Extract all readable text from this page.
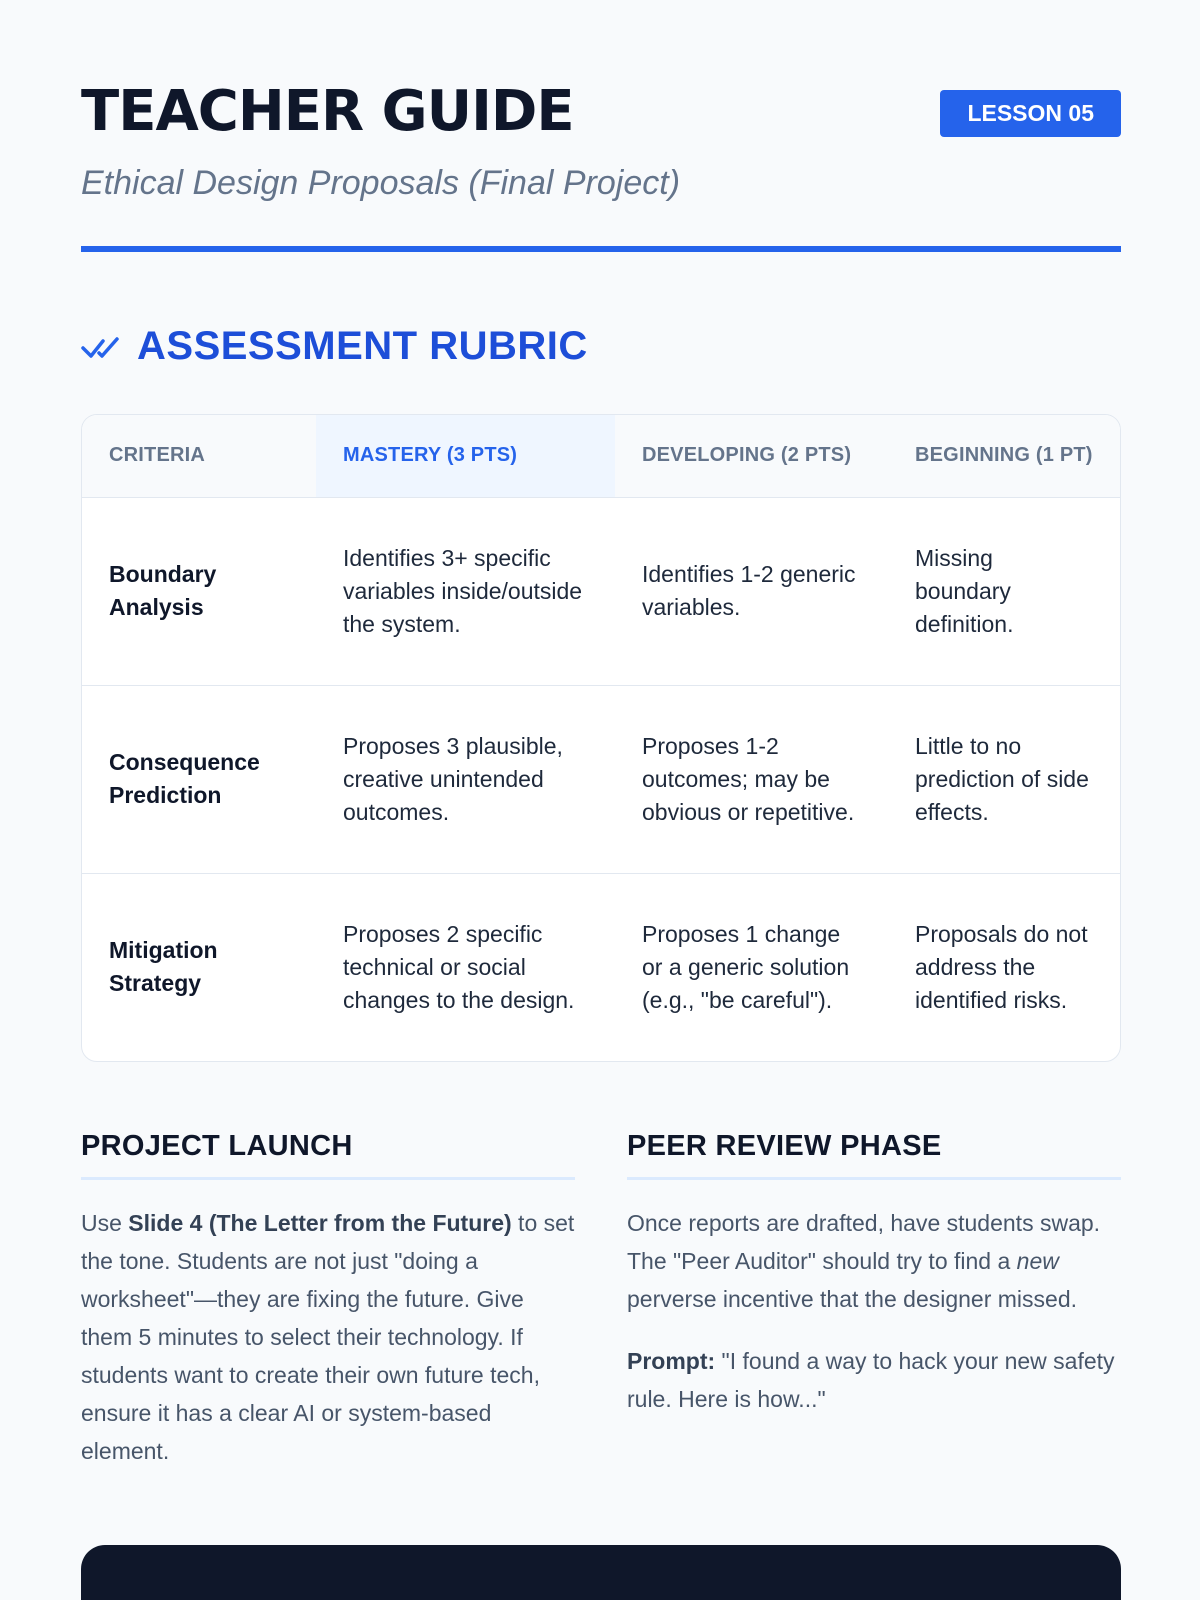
TEACHER GUIDE
Ethical Design Proposals (Final Project)
LESSON 05
ASSESSMENT RUBRIC
CRITERIA	MASTERY (3 PTS)	DEVELOPING (2 PTS)	BEGINNING (1 PT)
Boundary Analysis	Identifies 3+ specific variables inside/outside the system.	Identifies 1-2 generic variables.	Missing boundary definition.
Consequence Prediction	Proposes 3 plausible, creative unintended outcomes.	Proposes 1-2 outcomes; may be obvious or repetitive.	Little to no prediction of side effects.
Mitigation Strategy	Proposes 2 specific technical or social changes to the design.	Proposes 1 change or a generic solution (e.g., "be careful").	Proposals do not address the identified risks.
PROJECT LAUNCH

Use Slide 4 (The Letter from the Future) to set the tone. Students are not just "doing a worksheet"—they are fixing the future. Give them 5 minutes to select their technology. If students want to create their own future tech, ensure it has a clear AI or system-based element.

PEER REVIEW PHASE

Once reports are drafted, have students swap. The "Peer Auditor" should try to find a new perverse incentive that the designer missed.

Prompt: "I found a way to hack your new safety rule. Here is how..."
